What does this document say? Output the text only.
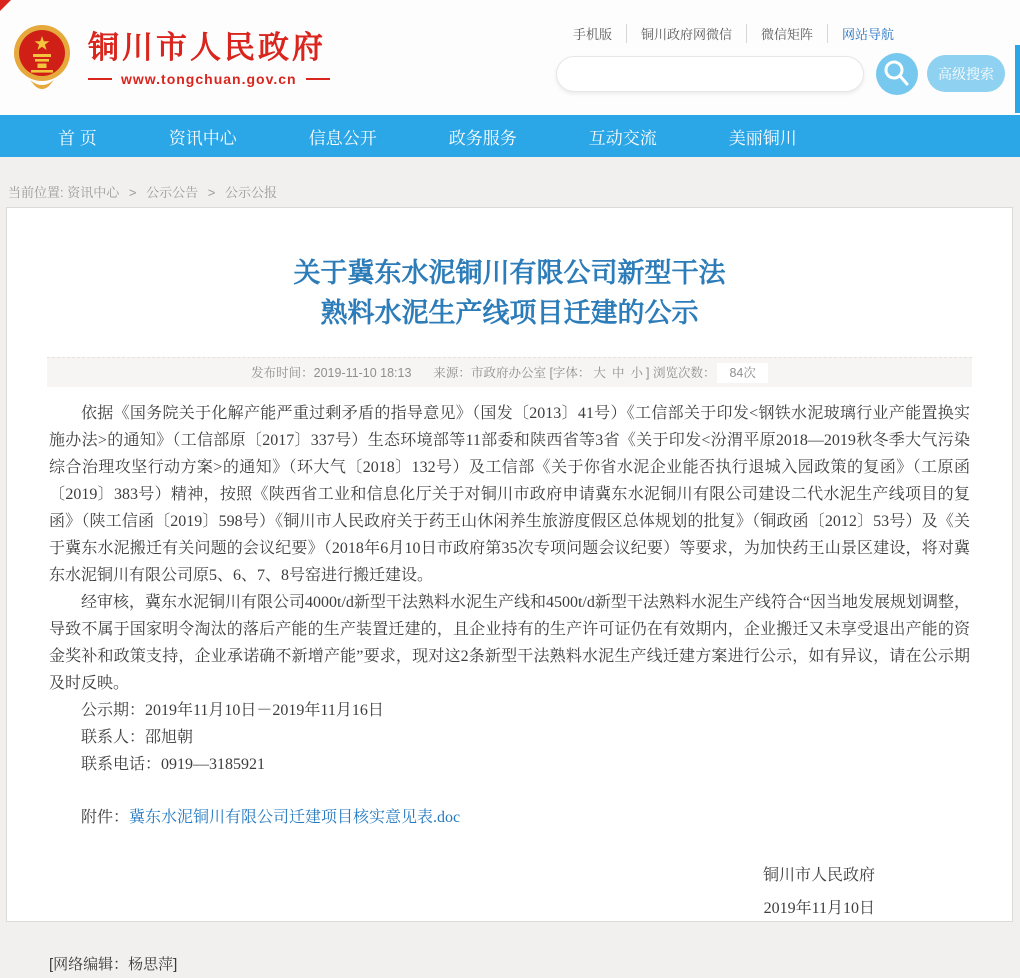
铜川市人民政府
www.tongchuan.gov.cn
手机版	铜川政府网微信	微信矩阵	网站导航
高级搜索
首 页	资讯中心	信息公开	政务服务	互动交流	美丽铜川
当前位置: 资讯中心 > 公示公告 > 公示公报
关于冀东水泥铜川有限公司新型干法
熟料水泥生产线项目迁建的公示
发布时间：2019-11-10 18:13 来源：市政府办公室 [字体： 大 中 小 ] 浏览次数： 84次

依据《国务院关于化解产能严重过剩矛盾的指导意见》（国发〔2013〕41号）《工信部关于印发<钢铁水泥玻璃行业产能置换实施办法>的通知》（工信部原〔2017〕337号）生态环境部等11部委和陕西省等3省《关于印发<汾渭平原2018—2019秋冬季大气污染综合治理攻坚行动方案>的通知》（环大气〔2018〕132号）及工信部《关于你省水泥企业能否执行退城入园政策的复函》（工原函〔2019〕383号）精神，按照《陕西省工业和信息化厅关于对铜川市政府申请冀东水泥铜川有限公司建设二代水泥生产线项目的复函》（陕工信函〔2019〕598号）《铜川市人民政府关于药王山休闲养生旅游度假区总体规划的批复》（铜政函〔2012〕53号）及《关于冀东水泥搬迁有关问题的会议纪要》（2018年6月10日市政府第35次专项问题会议纪要）等要求，为加快药王山景区建设，将对冀东水泥铜川有限公司原5、6、7、8号窑进行搬迁建设。

经审核，冀东水泥铜川有限公司4000t/d新型干法熟料水泥生产线和4500t/d新型干法熟料水泥生产线符合“因当地发展规划调整，导致不属于国家明令淘汰的落后产能的生产装置迁建的，且企业持有的生产许可证仍在有效期内，企业搬迁又未享受退出产能的资金奖补和政策支持，企业承诺确不新增产能”要求，现对这2条新型干法熟料水泥生产线迁建方案进行公示，如有异议，请在公示期及时反映。

公示期：2019年11月10日－2019年11月16日

联系人：邵旭朝

联系电话：0919—3185921

附件：冀东水泥铜川有限公司迁建项目核实意见表.doc

铜川市人民政府
2019年11月10日
[网络编辑：杨思萍]
